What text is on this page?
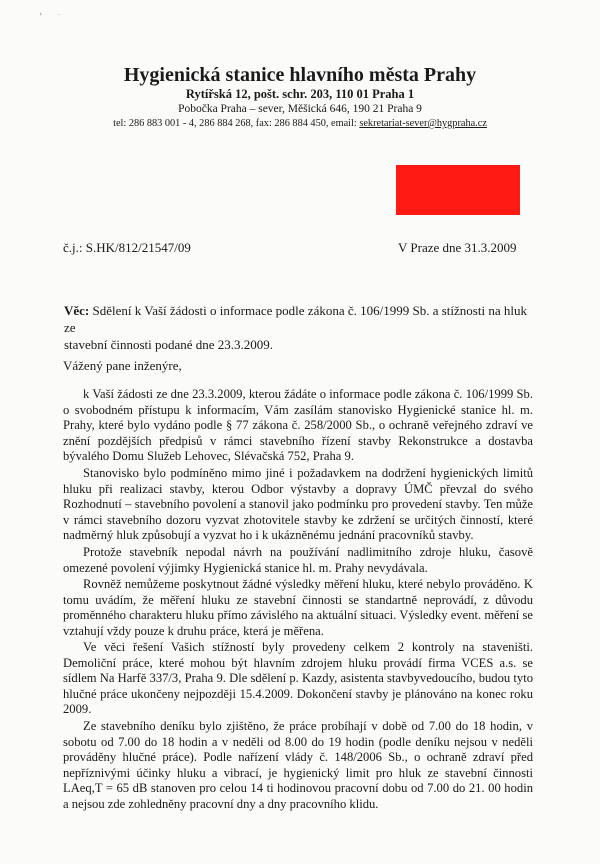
' .
Hygienická stanice hlavního města Prahy
Rytířská 12, pošt. schr. 203, 110 01 Praha 1
Pobočka Praha – sever, Měšická 646, 190 21 Praha 9
tel: 286 883 001 - 4, 286 884 268, fax: 286 884 450, email: sekretariat-sever@hygpraha.cz
č.j.: S.HK/812/21547/09	V Praze dne 31.3.2009
Věc: Sdělení k Vaší žádosti o informace podle zákona č. 106/1999 Sb. a stížnosti na hluk ze
stavební činnosti podané dne 23.3.2009.
Vážený pane inženýre,

k Vaší žádosti ze dne 23.3.2009, kterou žádáte o informace podle zákona č. 106/1999 Sb. o svobodném přístupu k informacím, Vám zasílám stanovisko Hygienické stanice hl. m. Prahy, které bylo vydáno podle § 77 zákona č. 258/2000 Sb., o ochraně veřejného zdraví ve znění pozdějších předpisů v rámci stavebního řízení stavby Rekonstrukce a dostavba bývalého Domu Služeb Lehovec, Slévačská 752, Praha 9.

Stanovisko bylo podmíněno mimo jiné i požadavkem na dodržení hygienických limitů hluku při realizaci stavby, kterou Odbor výstavby a dopravy ÚMČ převzal do svého Rozhodnutí – stavebního povolení a stanovil jako podmínku pro provedení stavby. Ten může v rámci stavebního dozoru vyzvat zhotovitele stavby ke zdržení se určitých činností, které nadměrný hluk způsobují a vyzvat ho i k ukázněnému jednání pracovníků stavby.

Protože stavebník nepodal návrh na používání nadlimitního zdroje hluku, časově omezené povolení výjimky Hygienická stanice hl. m. Prahy nevydávala.

Rovněž nemůžeme poskytnout žádné výsledky měření hluku, které nebylo prováděno. K tomu uvádím, že měření hluku ze stavební činnosti se standartně neprovádí, z důvodu proměnného charakteru hluku přímo závislého na aktuální situaci. Výsledky event. měření se vztahují vždy pouze k druhu práce, která je měřena.

Ve věci řešení Vašich stížností byly provedeny celkem 2 kontroly na staveništi. Demoliční práce, které mohou být hlavním zdrojem hluku provádí firma VCES a.s. se sídlem Na Harfě 337/3, Praha 9. Dle sdělení p. Kazdy, asistenta stavbyvedoucího, budou tyto hlučné práce ukončeny nejpozději 15.4.2009. Dokončení stavby je plánováno na konec roku 2009.

Ze stavebního deníku bylo zjištěno, že práce probíhají v době od 7.00 do 18 hodin, v sobotu od 7.00 do 18 hodin a v neděli od 8.00 do 19 hodin (podle deníku nejsou v neděli prováděny hlučné práce). Podle nařízení vlády č. 148/2006 Sb., o ochraně zdraví před nepříznivými účinky hluku a vibrací, je hygienický limit pro hluk ze stavební činnosti LAeq,T = 65 dB stanoven pro celou 14 ti hodinovou pracovní dobu od 7.00 do 21. 00 hodin a nejsou zde zohledněny pracovní dny a dny pracovního klidu.
